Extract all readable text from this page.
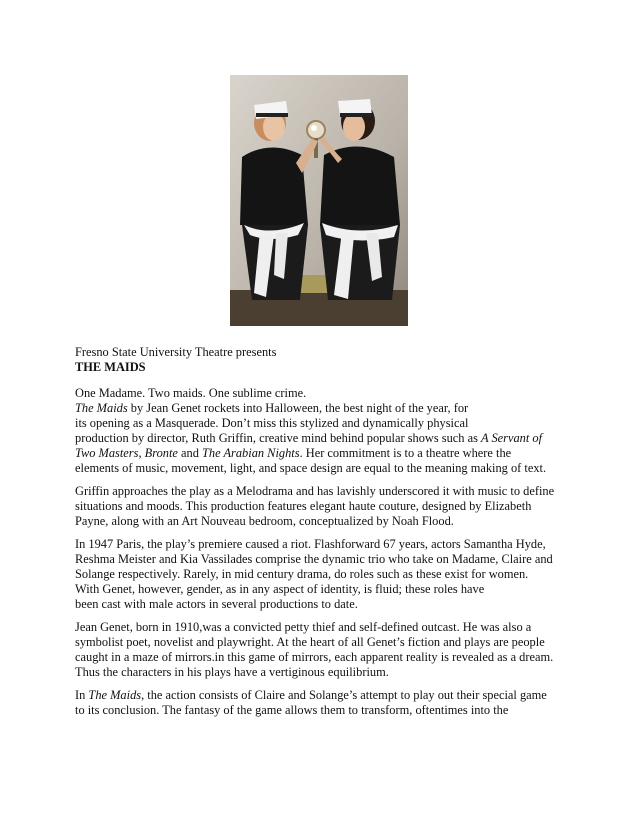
Fresno State University Theatre presents
THE MAIDS
One Madame. Two maids. One sublime crime.
The Maids by Jean Genet rockets into Halloween, the best night of the year, for
its opening as a Masquerade. Don’t miss this stylized and dynamically physical
production by director, Ruth Griffin, creative mind behind popular shows such as A Servant of
Two Masters, Bronte and The Arabian Nights. Her commitment is to a theatre where the
elements of music, movement, light, and space design are equal to the meaning making of text.
Griffin approaches the play as a Melodrama and has lavishly underscored it with music to define
situations and moods. This production features elegant haute couture, designed by Elizabeth
Payne, along with an Art Nouveau bedroom, conceptualized by Noah Flood.
In 1947 Paris, the play’s premiere caused a riot. Flashforward 67 years, actors Samantha Hyde,
Reshma Meister and Kia Vassilades comprise the dynamic trio who take on Madame, Claire and
Solange respectively. Rarely, in mid century drama, do roles such as these exist for women.
With Genet, however, gender, as in any aspect of identity, is fluid; these roles have
been cast with male actors in several productions to date.
Jean Genet, born in 1910,was a convicted petty thief and self-defined outcast. He was also a
symbolist poet, novelist and playwright. At the heart of all Genet’s fiction and plays are people
caught in a maze of mirrors.in this game of mirrors, each apparent reality is revealed as a dream.
Thus the characters in his plays have a vertiginous equilibrium.
In The Maids, the action consists of Claire and Solange’s attempt to play out their special game
to its conclusion. The fantasy of the game allows them to transform, oftentimes into the
